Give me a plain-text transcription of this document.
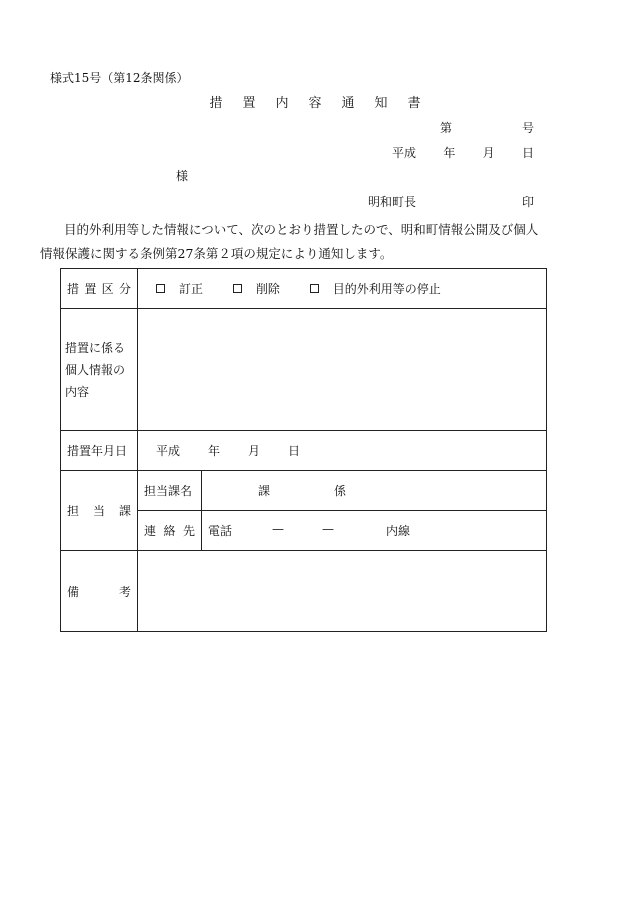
様式15号（第12条関係）
措 置 内 容 通 知 書
第	号
平成 年 月 日
様
明和町長	印
目的外利用等した情報について、次のとおり措置したので、明和町情報公開及び個人
情報保護に関する条例第27条第２項の規定により通知します。
措 置 区 分	訂正
削除
目的外利用等の停止	

措置に係る
個人情報の
内容		

措置年月日	平成 年 月 日	

担 当 課	担当課名	課 係

	連 絡 先	電話 — — 内線

備 考		
